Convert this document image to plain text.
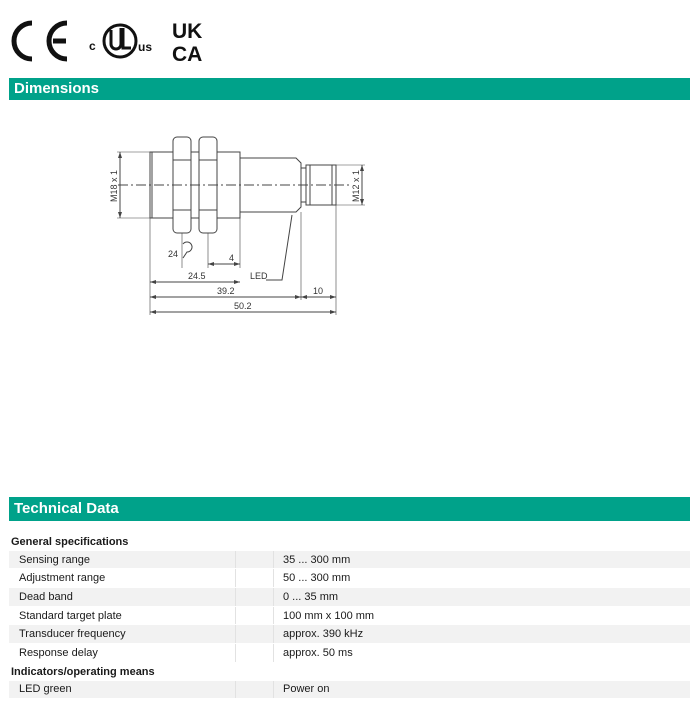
c	us
UK
CA
Dimensions
M18 x 1	M12 x 1
24	4
24.5
39.2	10
50.2
LED
Technical Data
General specifications		
Sensing range		35 ... 300 mm
Adjustment range		50 ... 300 mm
Dead band		0 ... 35 mm
Standard target plate		100 mm x 100 mm
Transducer frequency		approx. 390 kHz
Response delay		approx. 50 ms
Indicators/operating means		
LED green		Power on
